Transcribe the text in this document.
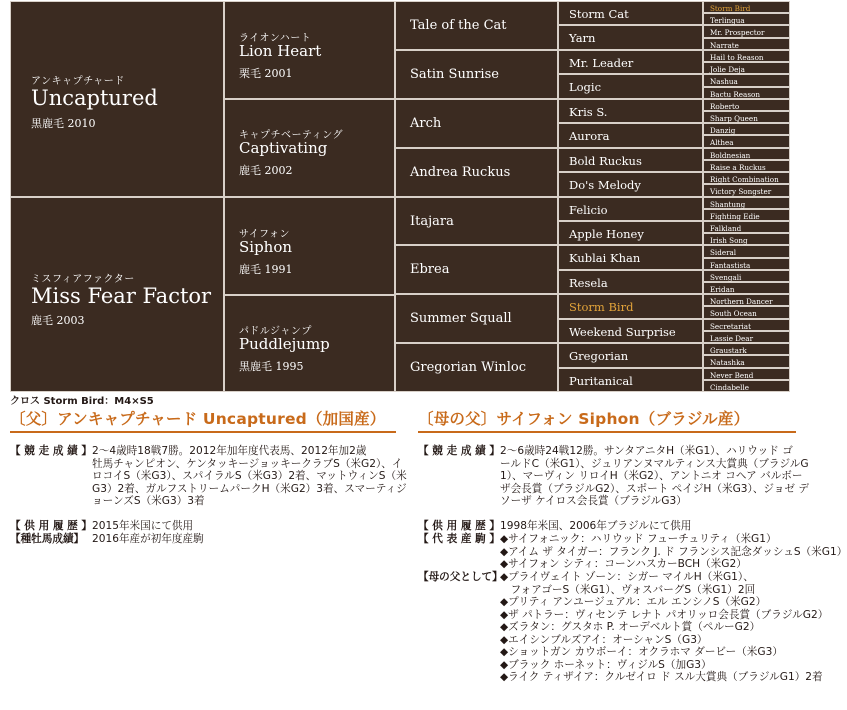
アンキャプチャード
Uncaptured
黒鹿毛 2010
ミスフィアファクター
Miss Fear Factor
鹿毛 2003
ライオンハート
Lion Heart
栗毛 2001
キャプチベーティング
Captivating
鹿毛 2002
サイフォン
Siphon
鹿毛 1991
パドルジャンプ
Puddlejump
黒鹿毛 1995
Tale of the Cat
Satin Sunrise
Arch
Andrea Ruckus
Itajara
Ebrea
Summer Squall
Gregorian Winloc
Storm Cat
Yarn
Mr. Leader
Logic
Kris S.
Aurora
Bold Ruckus
Do's Melody
Felicio
Apple Honey
Kublai Khan
Resela
Storm Bird
Weekend Surprise
Gregorian
Puritanical
Storm Bird
Terlingua
Mr. Prospector
Narrate
Hail to Reason
Jolie Deja
Nashua
Bactu Reason
Roberto
Sharp Queen
Danzig
Althea
Boldnesian
Raise a Ruckus
Right Combination
Victory Songster
Shantung
Fighting Edie
Falkland
Irish Song
Sideral
Fantastista
Svengali
Eridan
Northern Dancer
South Ocean
Secretariat
Lassie Dear
Graustark
Natashka
Never Bend
Cindabelle
クロス Storm Bird：M4×S5
〔父〕アンキャプチャード Uncaptured（加国産） 〔母の父〕サイフォン Siphon（ブラジル産）
【 競 走 成 績 】 2～4歳時18戦7勝。2012年加年度代表馬、2012年加2歳
牡馬チャンピオン、ケンタッキージョッキークラブS（米G2）、イ
ロコイS（米G3）、スパイラルS（米G3）2着、マットウィンS（米
G3）2着、ガルフストリームパークH（米G2）3着、スマーティジ
ョーンズS（米G3）3着
【 供 用 履 歴 】 2015年米国にて供用
【種牡馬成績】 2016年産が初年度産駒
【 競 走 成 績 】 2～6歳時24戦12勝。サンタアニタH（米G1）、ハリウッド ゴ
ールドC（米G1）、ジュリアンヌマルティンス大賞典（ブラジルG
1）、マーヴィン リロイH（米G2）、アントニオ コヘア バルボー
ザ会長賞（ブラジルG2）、スポート ペイジH（米G3）、ジョゼ デ
ソーザ ケイロス会長賞（ブラジルG3）
【 供 用 履 歴 】 1998年米国、2006年ブラジルにて供用
【 代 表 産 駒 】 ◆サイフォニック：ハリウッド フューチュリティ（米G1）
◆アイム ザ タイガー：フランク J. ド フランシス記念ダッシュS（米G1）
◆サイフォン シティ：コーンハスカーBCH（米G2）
【母の父として】
◆プライヴェイト ゾーン：シガー マイルH（米G1）、
　フォアゴーS（米G1）、ヴォスバーグS（米G1）2回
◆プリティ アンユージュアル：エル エンシノS（米G2）
◆ザ パトラー：ヴィセンテ レナト パオリッロ会長賞（ブラジルG2）
◆ズラタン：グスタホ P. オーデベルト賞（ペルーG2）
◆エイシンブルズアイ：オーシャンS（G3）
◆ショットガン カウボーイ：オクラホマ ダービー（米G3）
◆ブラック ホーネット：ヴィジルS（加G3）
◆ライク ティザイア：クルゼイロ ド スル大賞典（ブラジルG1）2着
